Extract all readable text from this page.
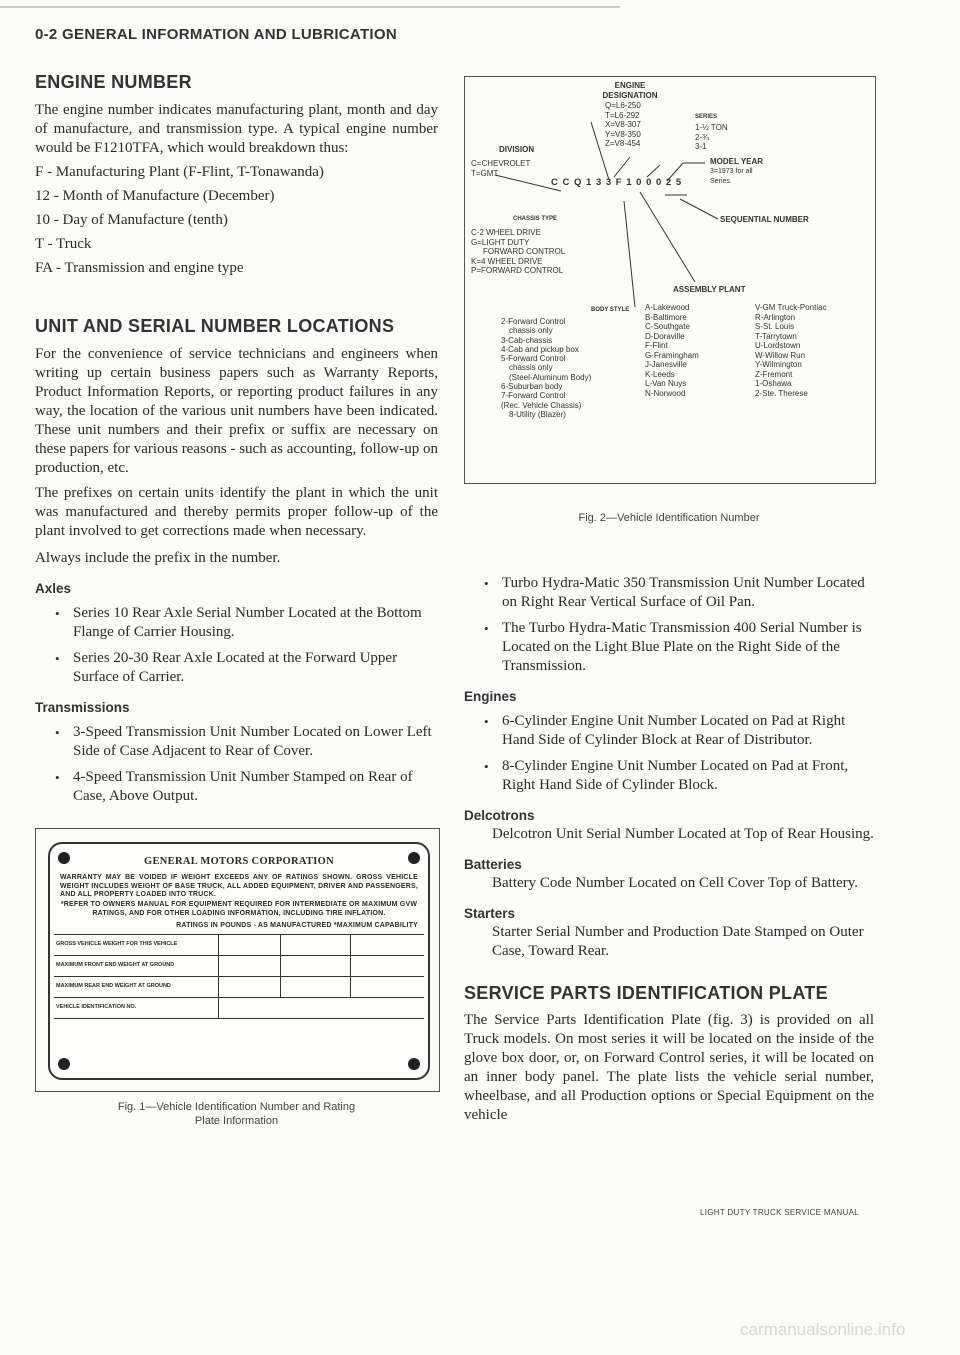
0-2 GENERAL INFORMATION AND LUBRICATION
ENGINE NUMBER

The engine number indicates manufacturing plant, month and day of manufacture, and transmission type. A typical engine number would be F1210TFA, which would breakdown thus:

F - Manufacturing Plant (F-Flint, T-Tonawanda)

12 - Month of Manufacture (December)

10 - Day of Manufacture (tenth)

T - Truck

FA - Transmission and engine type

UNIT AND SERIAL NUMBER LOCATIONS

For the convenience of service technicians and engineers when writing up certain business papers such as Warranty Reports, Product Information Reports, or reporting product failures in any way, the location of the various unit numbers have been indicated. These unit numbers and their prefix or suffix are necessary on these papers for various reasons - such as accounting, follow-up on production, etc.

The prefixes on certain units identify the plant in which the unit was manufactured and thereby permits proper follow-up of the plant involved to get corrections made when necessary.

Always include the prefix in the number.

Axles
• Series 10 Rear Axle Serial Number Located at the Bottom Flange of Carrier Housing.
• Series 20-30 Rear Axle Located at the Forward Upper Surface of Carrier.
Transmissions
• 3-Speed Transmission Unit Number Located on Lower Left Side of Case Adjacent to Rear of Cover.
• 4-Speed Transmission Unit Number Stamped on Rear of Case, Above Output.
GENERAL MOTORS CORPORATION
WARRANTY MAY BE VOIDED IF WEIGHT EXCEEDS ANY OF RATINGS SHOWN. GROSS VEHICLE WEIGHT INCLUDES WEIGHT OF BASE TRUCK, ALL ADDED EQUIPMENT, DRIVER AND PASSENGERS, AND ALL PROPERTY LOADED INTO TRUCK.
*REFER TO OWNERS MANUAL FOR EQUIPMENT REQUIRED FOR INTERMEDIATE OR MAXIMUM GVW RATINGS, AND FOR OTHER LOADING INFORMATION, INCLUDING TIRE INFLATION.
RATINGS IN POUNDS - AS MANUFACTURED *MAXIMUM CAPABILITY
GROSS VEHICLE WEIGHT FOR THIS VEHICLE
MAXIMUM FRONT END WEIGHT AT GROUND
MAXIMUM REAR END WEIGHT AT GROUND
VEHICLE IDENTIFICATION NO.
Fig. 1—Vehicle Identification Number and Rating
Plate Information
ENGINE
DESIGNATION
Q=L6-250
T=L6-292
X=V8-307
Y=V8-350
Z=V8-454
SERIES
1-½ TON
2-¾
3-1
DIVISION
C=CHEVROLET
T=GMT
MODEL YEAR
3=1973 for all
Series.
C C Q 1 3 3 F 1 0 0 0 2 5
CHASSIS TYPE
C-2 WHEEL DRIVE
G=LIGHT DUTY
FORWARD CONTROL
K=4 WHEEL DRIVE
P=FORWARD CONTROL
SEQUENTIAL NUMBER
ASSEMBLY PLANT
BODY STYLE
2-Forward Control
chassis only
3-Cab-chassis
4-Cab and pickup box
5-Forward Control
chassis only
(Steel-Aluminum Body)
6-Suburban body
7-Forward Control
(Rec. Vehicle Chassis)
8-Utility (Blazer)
A-Lakewood
B-Baltimore
C-Southgate
D-Doraville
F-Flint
G-Framingham
J-Janesville
K-Leeds
L-Van Nuys
N-Norwood
V-GM Truck-Pontiac
R-Arlington
S-St. Louis
T-Tarrytown
U-Lordstown
W-Willow Run
Y-Wilmington
Z-Fremont
1-Oshawa
2-Ste. Therese
Fig. 2—Vehicle Identification Number
• Turbo Hydra-Matic 350 Transmission Unit Number Located on Right Rear Vertical Surface of Oil Pan.
• The Turbo Hydra-Matic Transmission 400 Serial Number is Located on the Light Blue Plate on the Right Side of the Transmission.
Engines
• 6-Cylinder Engine Unit Number Located on Pad at Right Hand Side of Cylinder Block at Rear of Distributor.
• 8-Cylinder Engine Unit Number Located on Pad at Front, Right Hand Side of Cylinder Block.
Delcotrons

Delcotron Unit Serial Number Located at Top of Rear Housing.

Batteries

Battery Code Number Located on Cell Cover Top of Battery.

Starters

Starter Serial Number and Production Date Stamped on Outer Case, Toward Rear.

SERVICE PARTS IDENTIFICATION PLATE

The Service Parts Identification Plate (fig. 3) is provided on all Truck models. On most series it will be located on the inside of the glove box door, or, on Forward Control series, it will be located on an inner body panel. The plate lists the vehicle serial number, wheelbase, and all Production options or Special Equipment on the vehicle

LIGHT DUTY TRUCK SERVICE MANUAL
carmanualsonline.info
